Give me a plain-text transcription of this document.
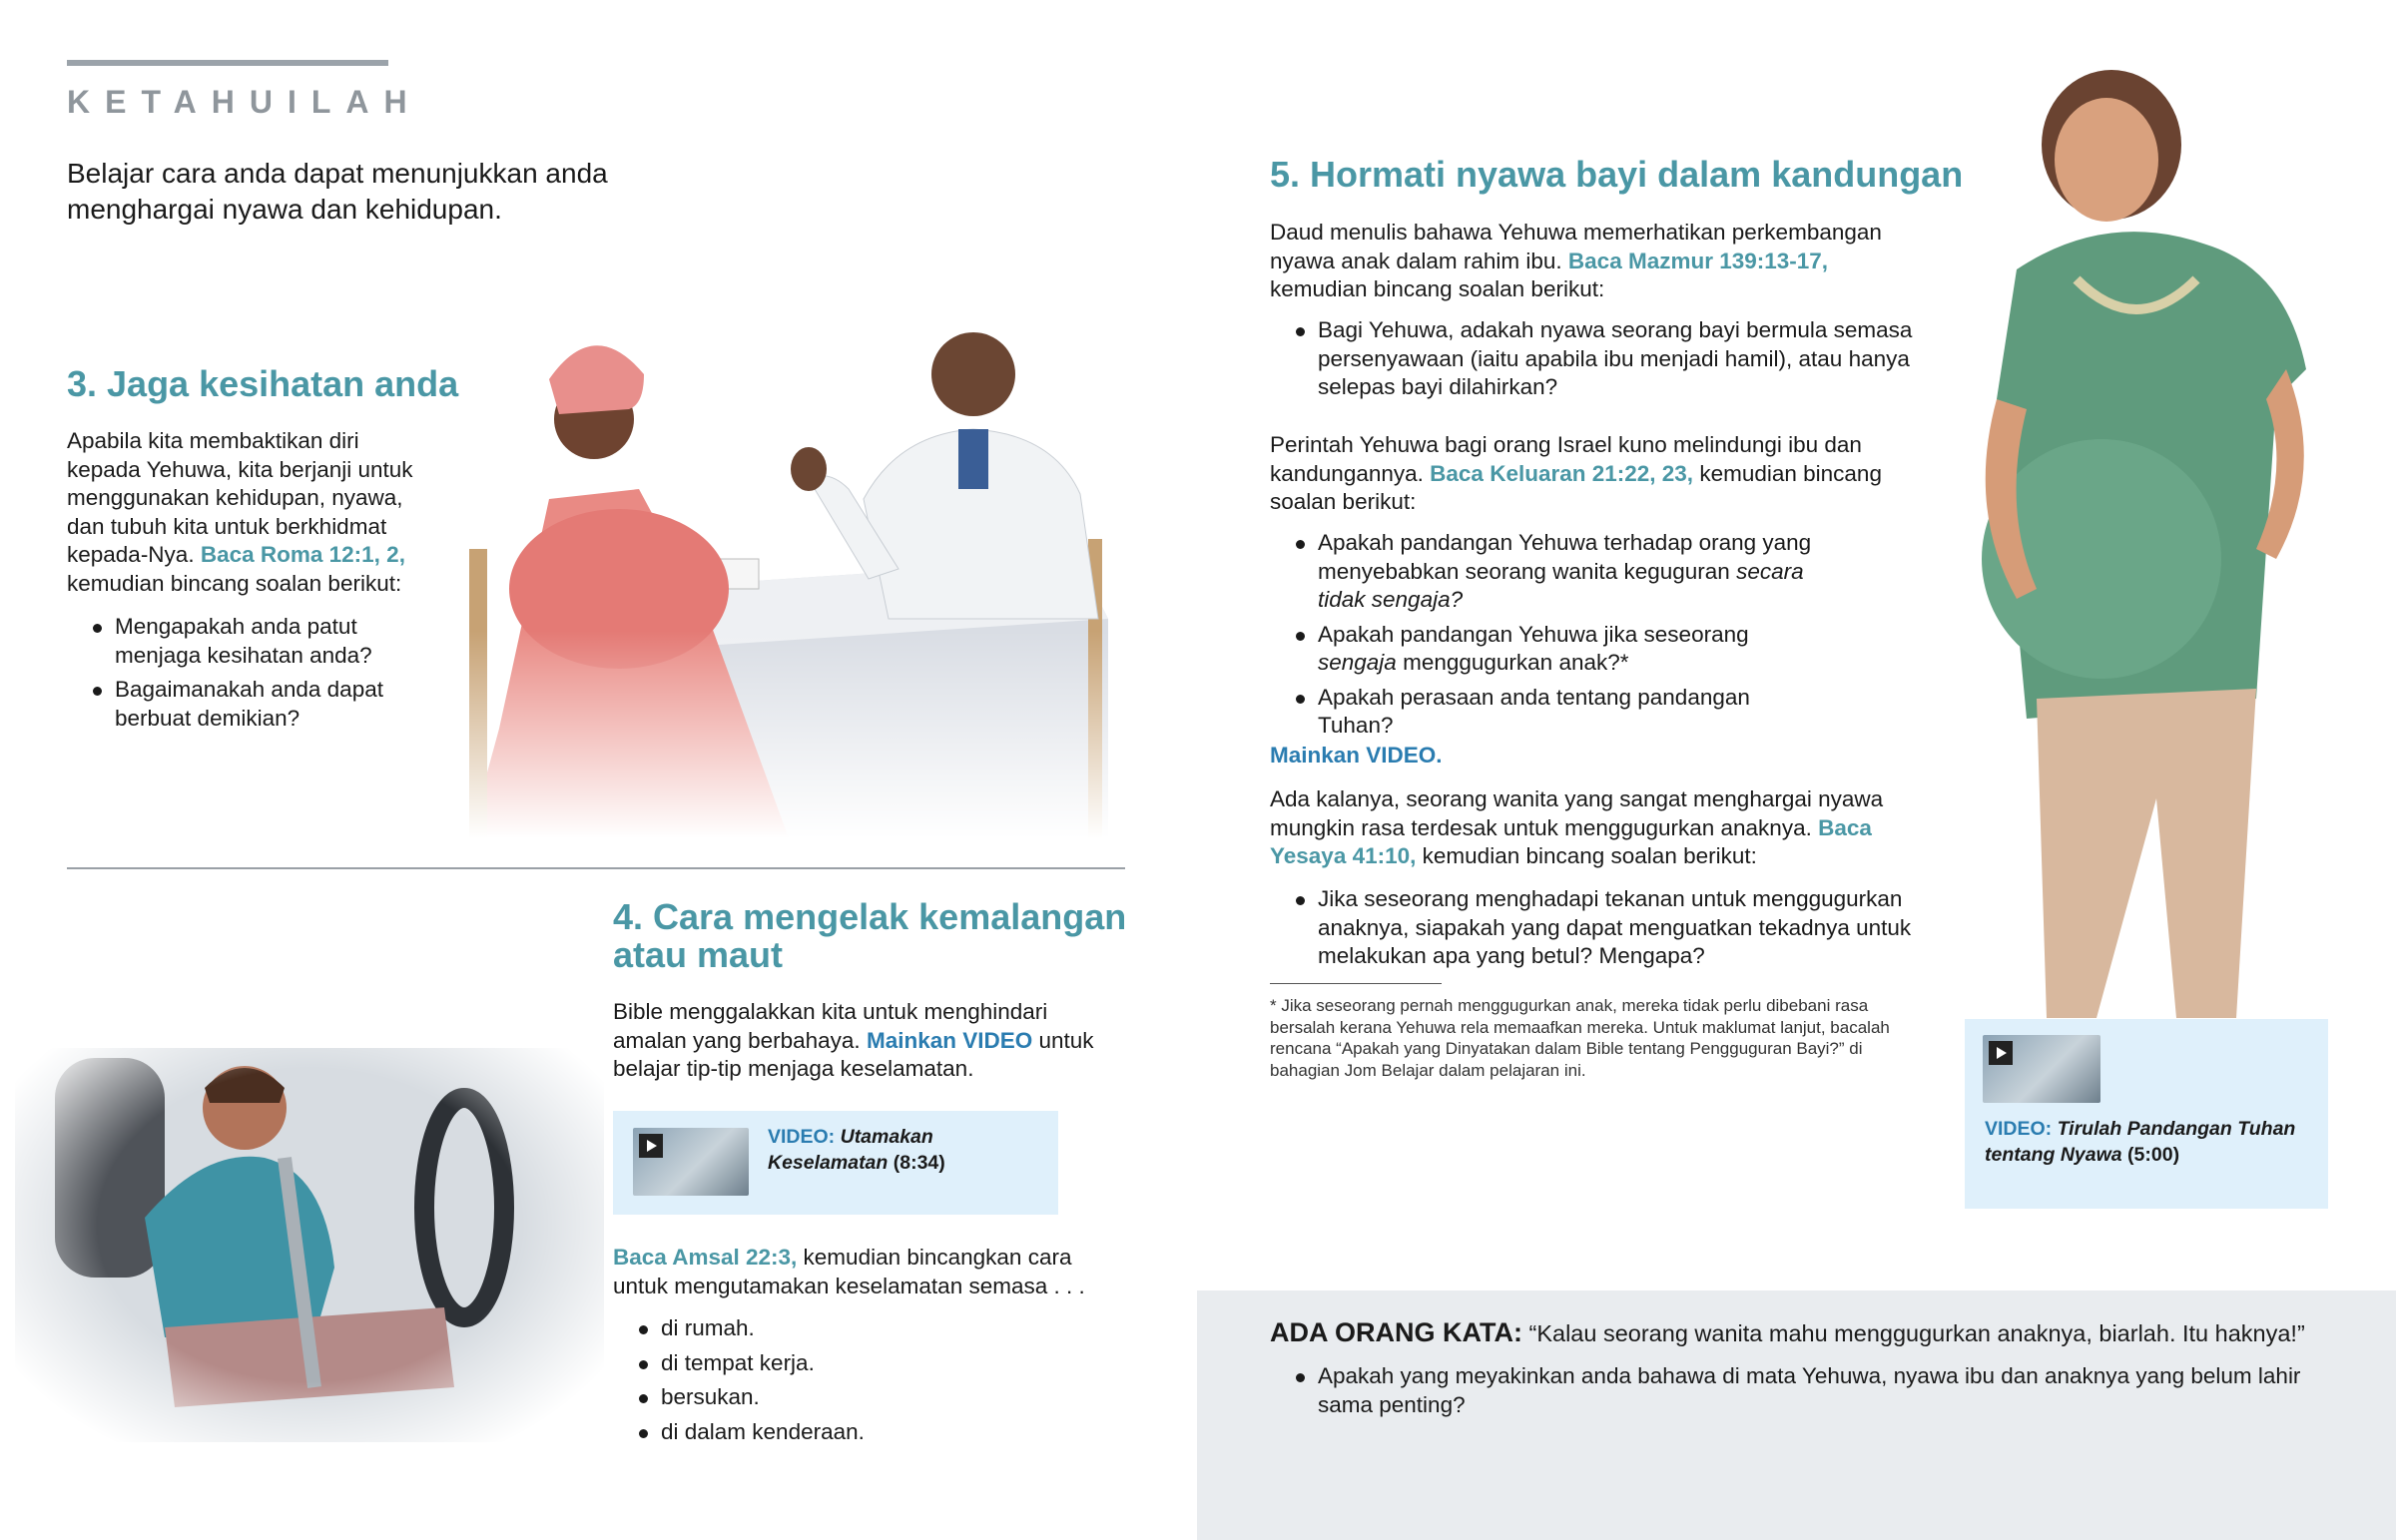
KETAHUILAH
Belajar cara anda dapat menunjukkan anda menghargai nyawa dan kehidupan.
3. Jaga kesihatan anda
Apabila kita membaktikan diri kepada Yehuwa, kita berjanji untuk menggunakan kehidupan, nyawa, dan tubuh kita untuk berkhidmat kepada-Nya. Baca Roma 12:1, 2, kemudian bincang soalan berikut:
Mengapakah anda patut menjaga kesihatan anda?
Bagaimanakah anda dapat berbuat demikian?
4. Cara mengelak kemalangan atau maut
Bible menggalakkan kita untuk menghindari amalan yang berbahaya. Mainkan VIDEO untuk belajar tip-tip menjaga keselamatan.
VIDEO: Utamakan Keselamatan (8:34)
Baca Amsal 22:3, kemudian bincangkan cara untuk mengutamakan keselamatan semasa . . .
di rumah.
di tempat kerja.
bersukan.
di dalam kenderaan.
5. Hormati nyawa bayi dalam kandungan
Daud menulis bahawa Yehuwa memerhatikan perkembangan nyawa anak dalam rahim ibu. Baca Mazmur 139:13-17, kemudian bincang soalan berikut:
Bagi Yehuwa, adakah nyawa seorang bayi bermula semasa persenyawaan (iaitu apabila ibu menjadi hamil), atau hanya selepas bayi dilahirkan?
Perintah Yehuwa bagi orang Israel kuno melindungi ibu dan kandungannya. Baca Keluaran 21:22, 23, kemudian bincang soalan berikut:
Apakah pandangan Yehuwa terhadap orang yang menyebabkan seorang wanita keguguran secara tidak sengaja?
Apakah pandangan Yehuwa jika seseorang sengaja menggugurkan anak?*
Apakah perasaan anda tentang pandangan Tuhan?
Mainkan VIDEO.
Ada kalanya, seorang wanita yang sangat menghargai nyawa mungkin rasa terdesak untuk menggugurkan anaknya. Baca Yesaya 41:10, kemudian bincang soalan berikut:
Jika seseorang menghadapi tekanan untuk menggugurkan anaknya, siapakah yang dapat menguatkan tekadnya untuk melakukan apa yang betul? Mengapa?
* Jika seseorang pernah menggugurkan anak, mereka tidak perlu dibebani rasa bersalah kerana Yehuwa rela memaafkan mereka. Untuk maklumat lanjut, bacalah rencana “Apakah yang Dinyatakan dalam Bible tentang Pengguguran Bayi?” di bahagian Jom Belajar dalam pelajaran ini.
VIDEO: Tirulah Pandangan Tuhan tentang Nyawa (5:00)
ADA ORANG KATA: “Kalau seorang wanita mahu menggugurkan anaknya, biarlah. Itu haknya!”
Apakah yang meyakinkan anda bahawa di mata Yehuwa, nyawa ibu dan anaknya yang belum lahir sama penting?
